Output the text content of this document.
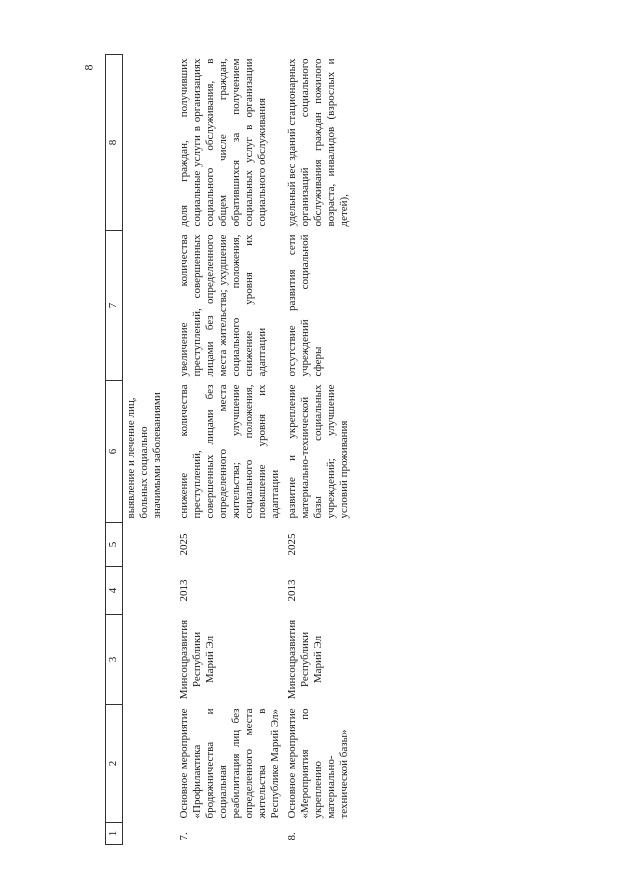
8
1	2	3	4	5	6	7	8
					выявление и лечение лиц, больных социально значимыми заболеваниями		
7.	Основное мероприятие «Профилактика бродяжничества и социальная реабилитация лиц без определенного места жительства в Республике Марий Эл»	Минсоцразвития Республики Марий Эл	2013	2025	снижение количества преступлений, совершенных лицами без определенного места жительства; улучшение социального положения, повышение уровня их адаптации	увеличение количества преступлений, совершенных лицами без определенного места жительства; ухудшение социального положения, снижение уровня их адаптации	доля граждан, получивших социальные услуги в организациях социального обслуживания, в общем числе граждан, обратившихся за получением социальных услуг в организации социального обслуживания
8.	Основное мероприятие «Мероприятия по укреплению материально-технической базы»	Минсоцразвития Республики Марий Эл	2013	2025	развитие и укрепление материально-технической базы социальных учреждений; улучшение условий проживания	отсутствие развития сети учреждений социальной сферы	удельный вес зданий стационарных организаций социального обслуживания граждан пожилого возраста, инвалидов (взрослых и детей),
